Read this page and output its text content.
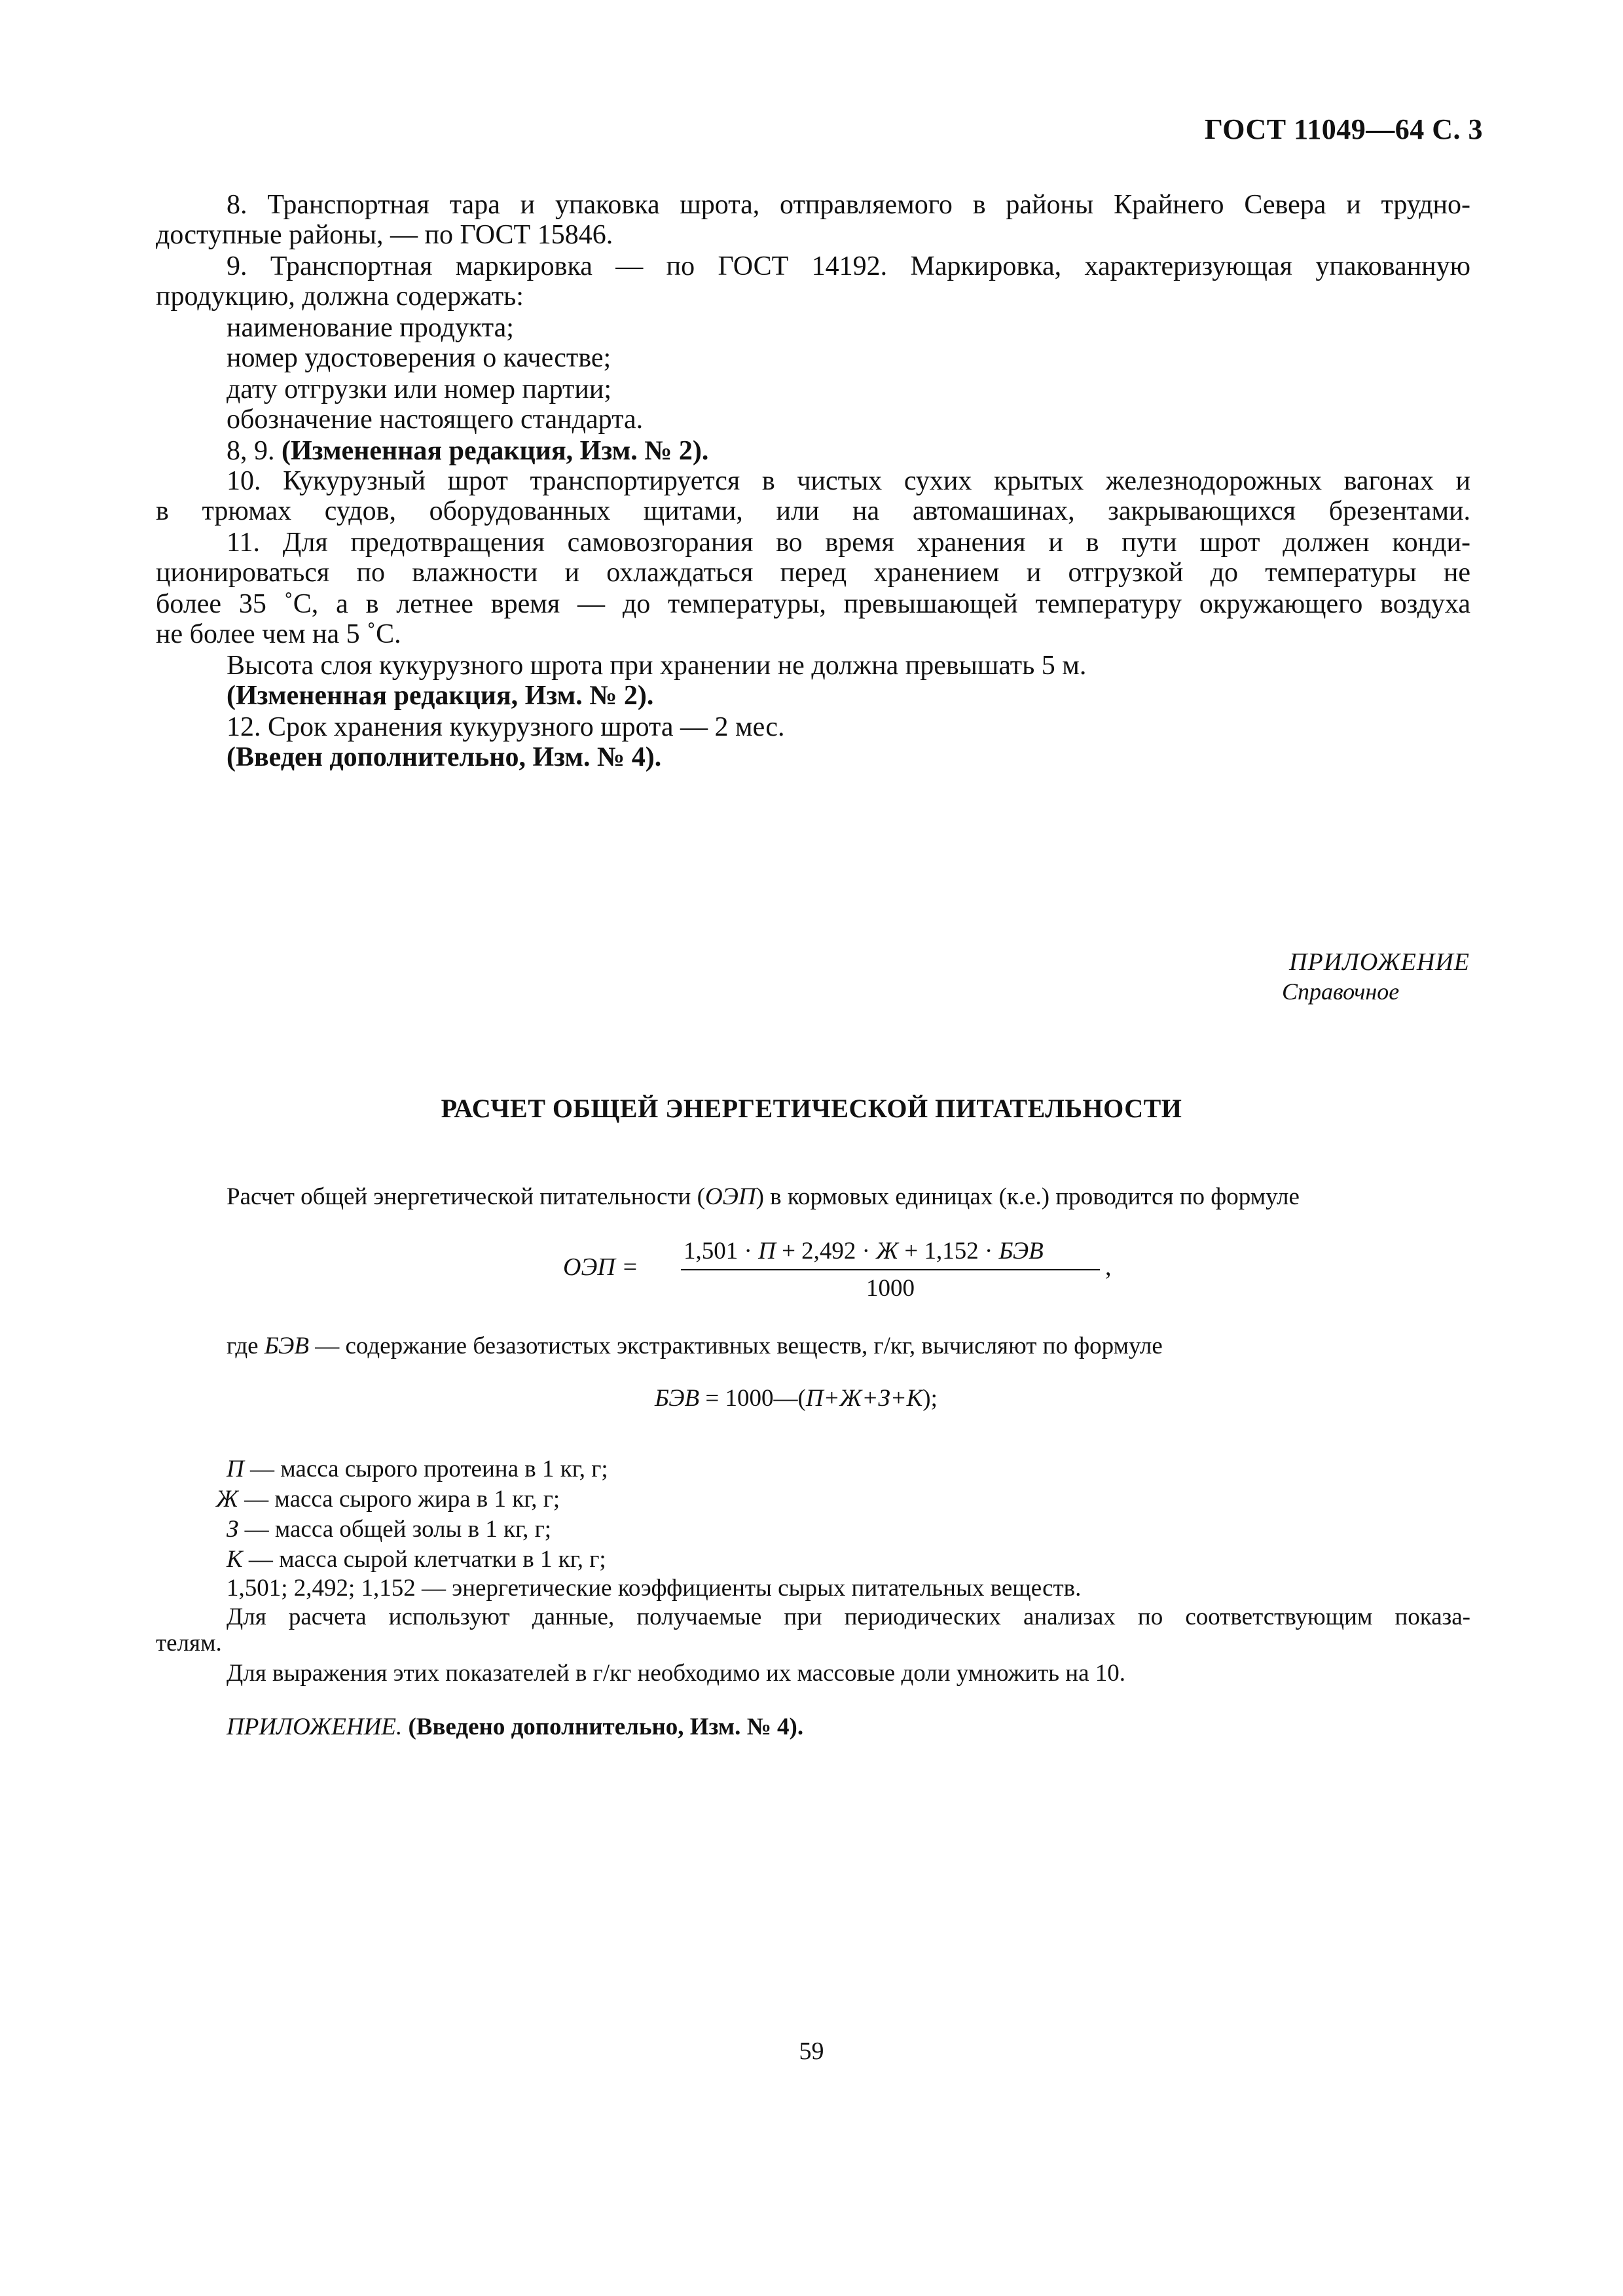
ГОСТ 11049—64 С. 3
8. Транспортная тара и упаковка шрота, отправляемого в районы Крайнего Севера и трудно-
доступные районы, — по ГОСТ 15846.
9. Транспортная маркировка — по ГОСТ 14192. Маркировка, характеризующая упакованную
продукцию, должна содержать:
наименование продукта;
номер удостоверения о качестве;
дату отгрузки или номер партии;
обозначение настоящего стандарта.
8, 9. (Измененная редакция, Изм. № 2).
10. Кукурузный шрот транспортируется в чистых сухих крытых железнодорожных вагонах и
в трюмах судов, оборудованных щитами, или на автомашинах, закрывающихся брезентами.
11. Для предотвращения самовозгорания во время хранения и в пути шрот должен конди-
ционироваться по влажности и охлаждаться перед хранением и отгрузкой до температуры не
более 35 ˚С, а в летнее время — до температуры, превышающей температуру окружающего воздуха
не более чем на 5 ˚С.
Высота слоя кукурузного шрота при хранении не должна превышать 5 м.
(Измененная редакция, Изм. № 2).
12. Срок хранения кукурузного шрота — 2 мес.
(Введен дополнительно, Изм. № 4).
ПРИЛОЖЕНИЕ
Справочное
РАСЧЕТ ОБЩЕЙ ЭНЕРГЕТИЧЕСКОЙ ПИТАТЕЛЬНОСТИ
Расчет общей энергетической питательности (ОЭП) в кормовых единицах (к.е.) проводится по формуле
ОЭП =
1,501 · П + 2,492 · Ж + 1,152 · БЭВ
1000
,
где БЭВ — содержание безазотистых экстрактивных веществ, г/кг, вычисляют по формуле
БЭВ = 1000—(П+Ж+З+К);
П — масса сырого протеина в 1 кг, г;
Ж — масса сырого жира в 1 кг, г;
З — масса общей золы в 1 кг, г;
К — масса сырой клетчатки в 1 кг, г;
1,501; 2,492; 1,152 — энергетические коэффициенты сырых питательных веществ.
Для расчета используют данные, получаемые при периодических анализах по соответствующим показа-
телям.
Для выражения этих показателей в г/кг необходимо их массовые доли умножить на 10.
ПРИЛОЖЕНИЕ. (Введено дополнительно, Изм. № 4).
59
